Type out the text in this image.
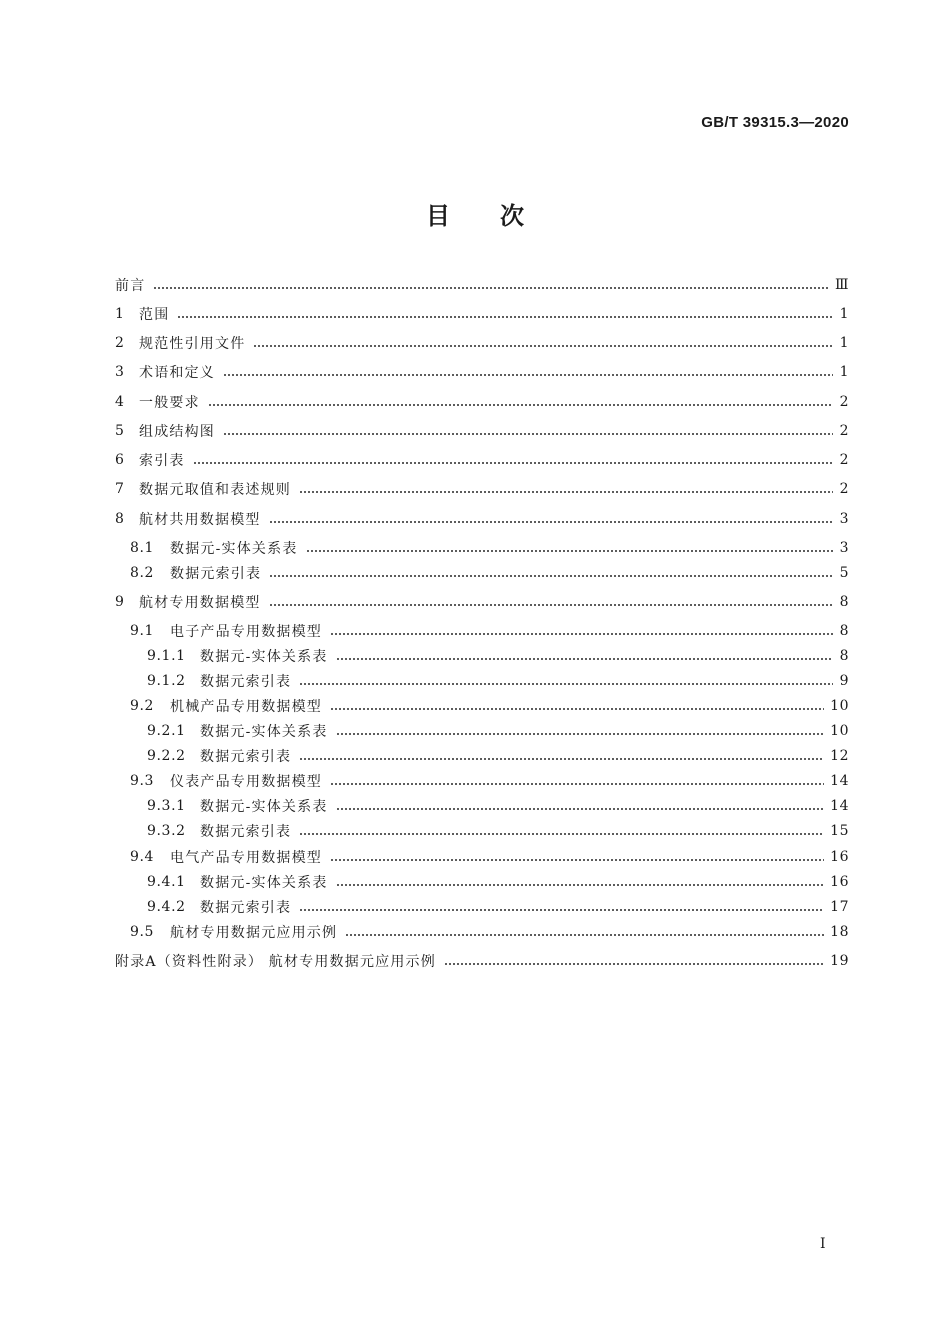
GB/T 39315.3—2020
目次
前言	Ⅲ
1	范围	1
2	规范性引用文件	1
3	术语和定义	1
4	一般要求	2
5	组成结构图	2
6	索引表	2
7	数据元取值和表述规则	2
8	航材共用数据模型	3
8.1	数据元-实体关系表	3
8.2	数据元索引表	5
9	航材专用数据模型	8
9.1	电子产品专用数据模型	8
9.1.1	数据元-实体关系表	8
9.1.2	数据元索引表	9
9.2	机械产品专用数据模型	10
9.2.1	数据元-实体关系表	10
9.2.2	数据元索引表	12
9.3	仪表产品专用数据模型	14
9.3.1	数据元-实体关系表	14
9.3.2	数据元索引表	15
9.4	电气产品专用数据模型	16
9.4.1	数据元-实体关系表	16
9.4.2	数据元索引表	17
9.5	航材专用数据元应用示例	18
附录A（资料性附录） 航材专用数据元应用示例	19
Ⅰ
